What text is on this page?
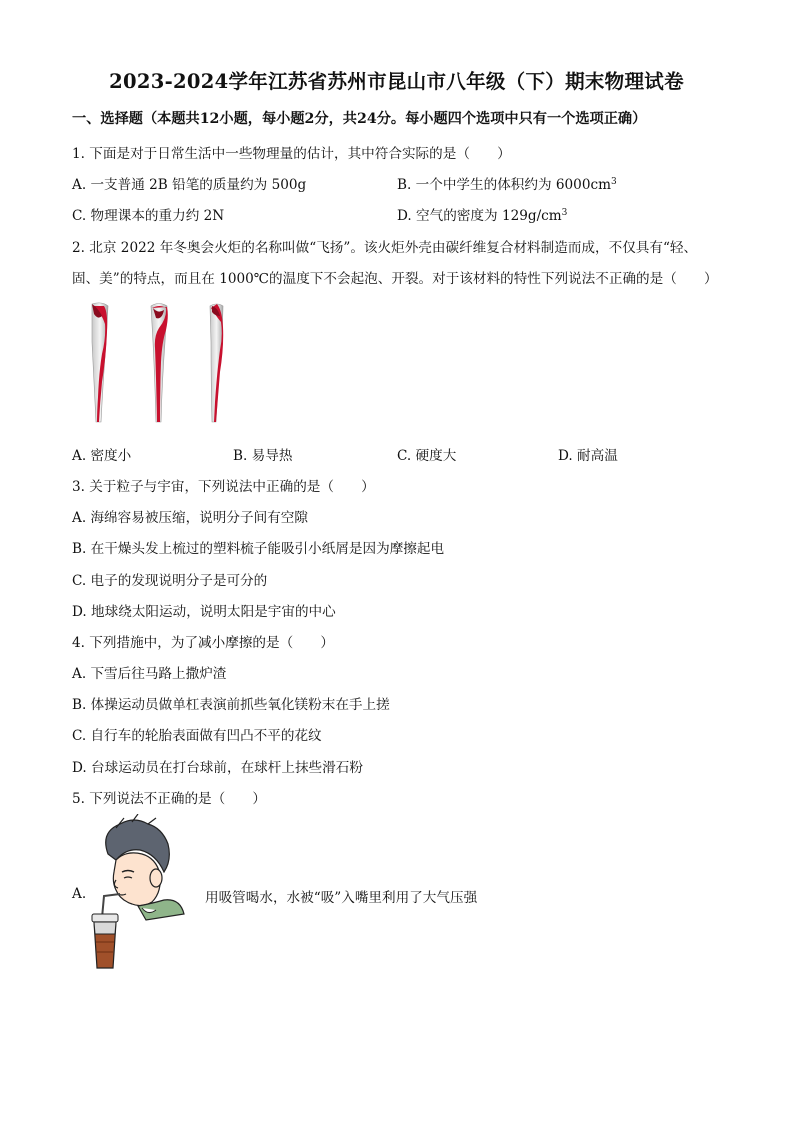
2023-2024学年江苏省苏州市昆山市八年级（下）期末物理试卷
一、选择题（本题共12小题，每小题2分，共24分。每小题四个选项中只有一个选项正确）
1. 下面是对于日常生活中一些物理量的估计，其中符合实际的是（　　）
A. 一支普通 2B 铅笔的质量约为 500g	B. 一个中学生的体积约为 $6000cm^3$
C. 物理课本的重力约 2N	D. 空气的密度为 $129g/cm^3$
2. 北京 2022 年冬奥会火炬的名称叫做“飞扬”。该火炬外壳由碳纤维复合材料制造而成，不仅具有“轻、
固、美”的特点，而且在 1000℃的温度下不会起泡、开裂。对于该材料的特性下列说法不正确的是（　　）
†
A. 密度小	B. 易导热	C. 硬度大	D. 耐高温
3. 关于粒子与宇宙，下列说法中正确的是（　　）
A. 海绵容易被压缩，说明分子间有空隙
B. 在干燥头发上梳过的塑料梳子能吸引小纸屑是因为摩擦起电
C. 电子的发现说明分子是可分的
D. 地球绕太阳运动，说明太阳是宇宙的中心
4. 下列措施中，为了减小摩擦的是（　　）
A. 下雪后往马路上撒炉渣
B. 体操运动员做单杠表演前抓些氧化镁粉末在手上搓
C. 自行车的轮胎表面做有凹凸不平的花纹
D. 台球运动员在打台球前，在球杆上抹些滑石粉
5. 下列说法不正确的是（　　）
A.	用吸管喝水，水被“吸”入嘴里利用了大气压强
